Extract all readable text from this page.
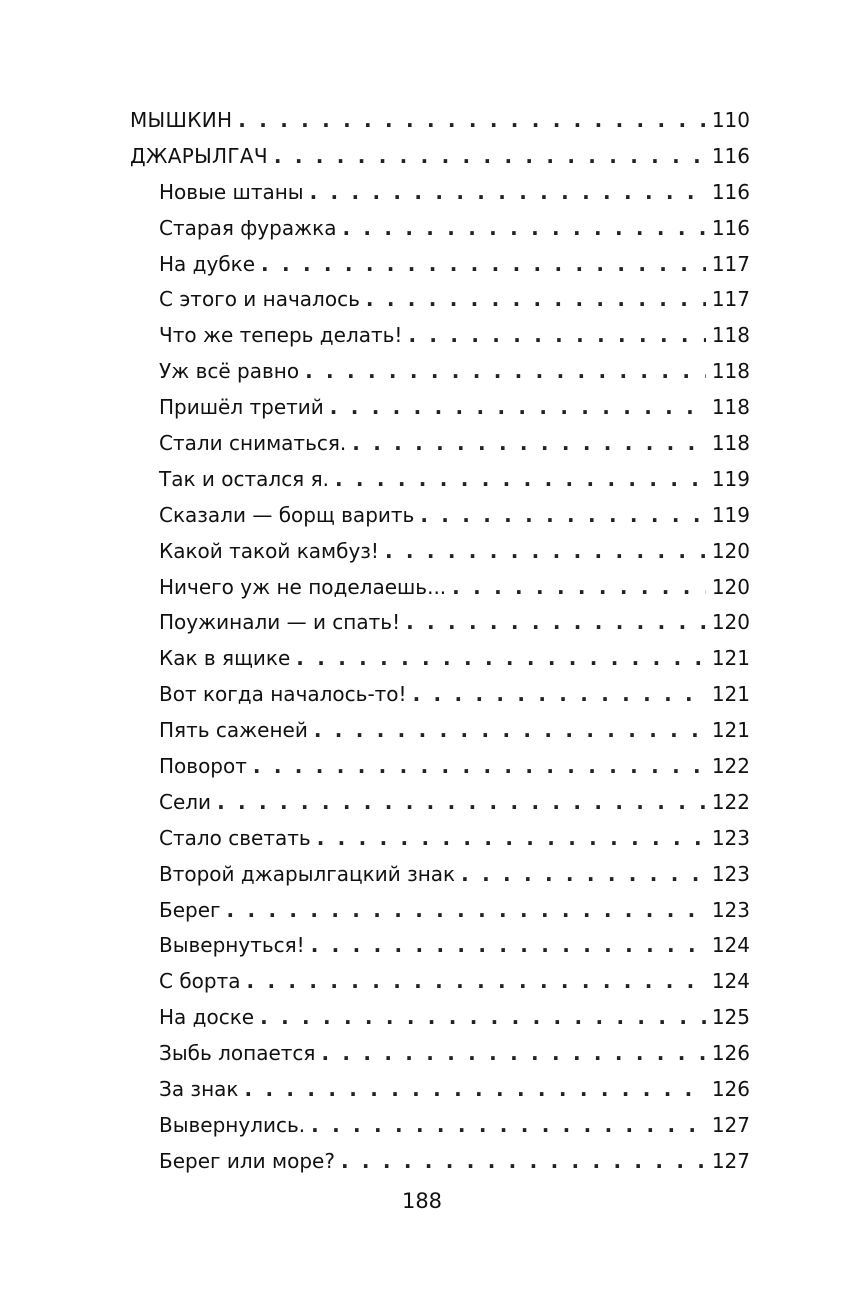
МЫШКИН . . .	110
ДЖАРЫЛГАЧ . . .	116
Новые штаны . . .	116
Старая фуражка . . .	116
На дубке . . .	117
С этого и началось . . .	117
Что же теперь делать! . . .	118
Уж всё равно . . .	118
Пришёл третий . . .	118
Стали сниматься. . . .	118
Так и остался я. . . .	119
Сказали — борщ варить . . .	119
Какой такой камбуз! . . .	120
Ничего уж не поделаешь... . . .	120
Поужинали — и спать! . . .	120
Как в ящике . . .	121
Вот когда началось-то! . . .	121
Пять саженей . . .	121
Поворот . . .	122
Сели . . .	122
Стало светать . . .	123
Второй джарылгацкий знак . . .	123
Берег . . .	123
Вывернуться! . . .	124
С борта . . .	124
На доске . . .	125
Зыбь лопается . . .	126
За знак . . .	126
Вывернулись. . . .	127
Берег или море? . . .	127
188
